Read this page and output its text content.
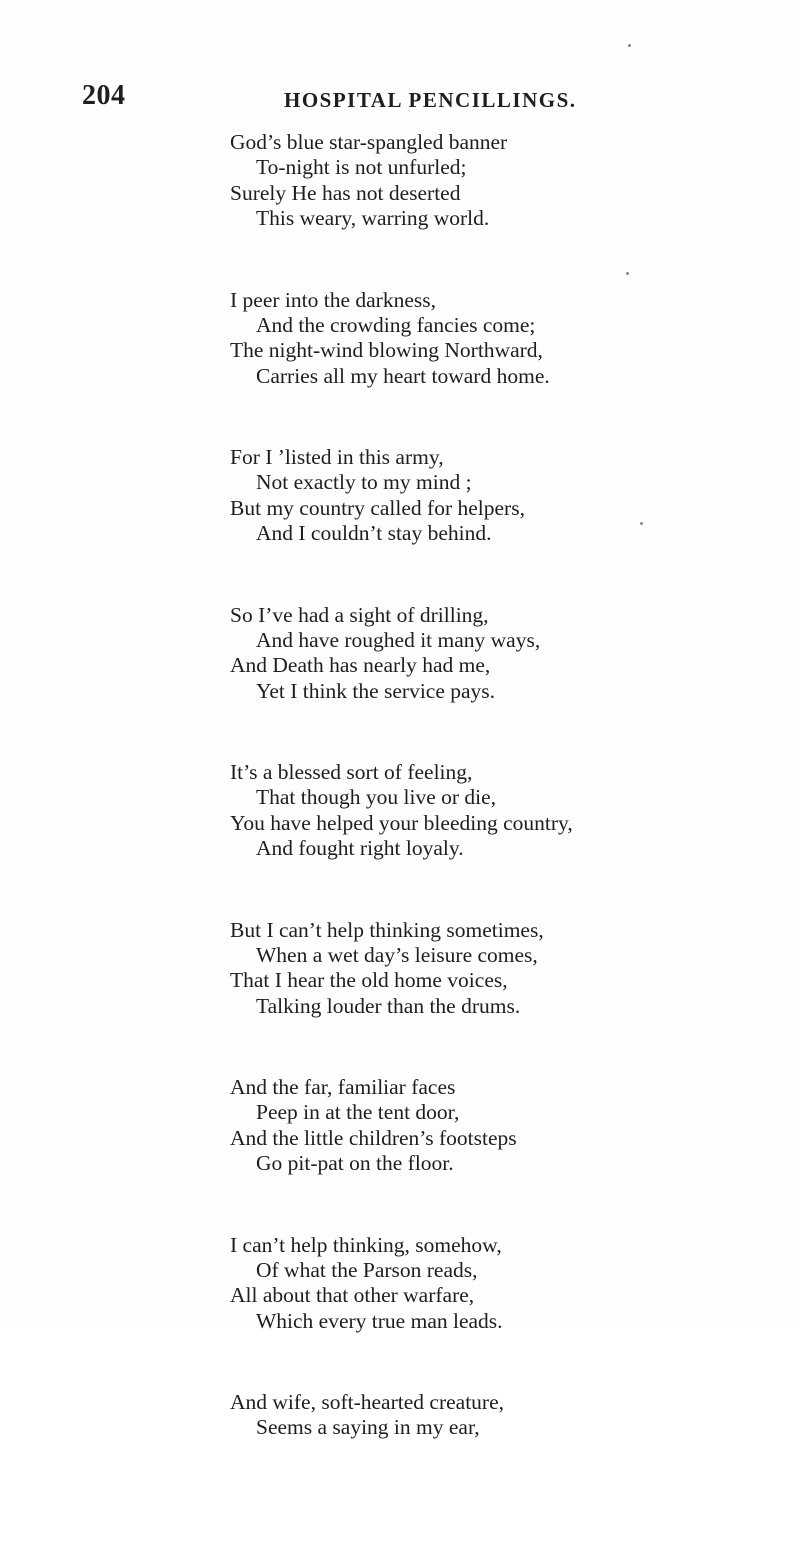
204	HOSPITAL PENCILLINGS.
God’s blue star-spangled banner
To-night is not unfurled;
Surely He has not deserted
This weary, warring world.
I peer into the darkness,
And the crowding fancies come;
The night-wind blowing Northward,
Carries all my heart toward home.
For I ’listed in this army,
Not exactly to my mind ;
But my country called for helpers,
And I couldn’t stay behind.
So I’ve had a sight of drilling,
And have roughed it many ways,
And Death has nearly had me,
Yet I think the service pays.
It’s a blessed sort of feeling,
That though you live or die,
You have helped your bleeding country,
And fought right loyaly.
But I can’t help thinking sometimes,
When a wet day’s leisure comes,
That I hear the old home voices,
Talking louder than the drums.
And the far, familiar faces
Peep in at the tent door,
And the little children’s footsteps
Go pit-pat on the floor.
I can’t help thinking, somehow,
Of what the Parson reads,
All about that other warfare,
Which every true man leads.
And wife, soft-hearted creature,
Seems a saying in my ear,
